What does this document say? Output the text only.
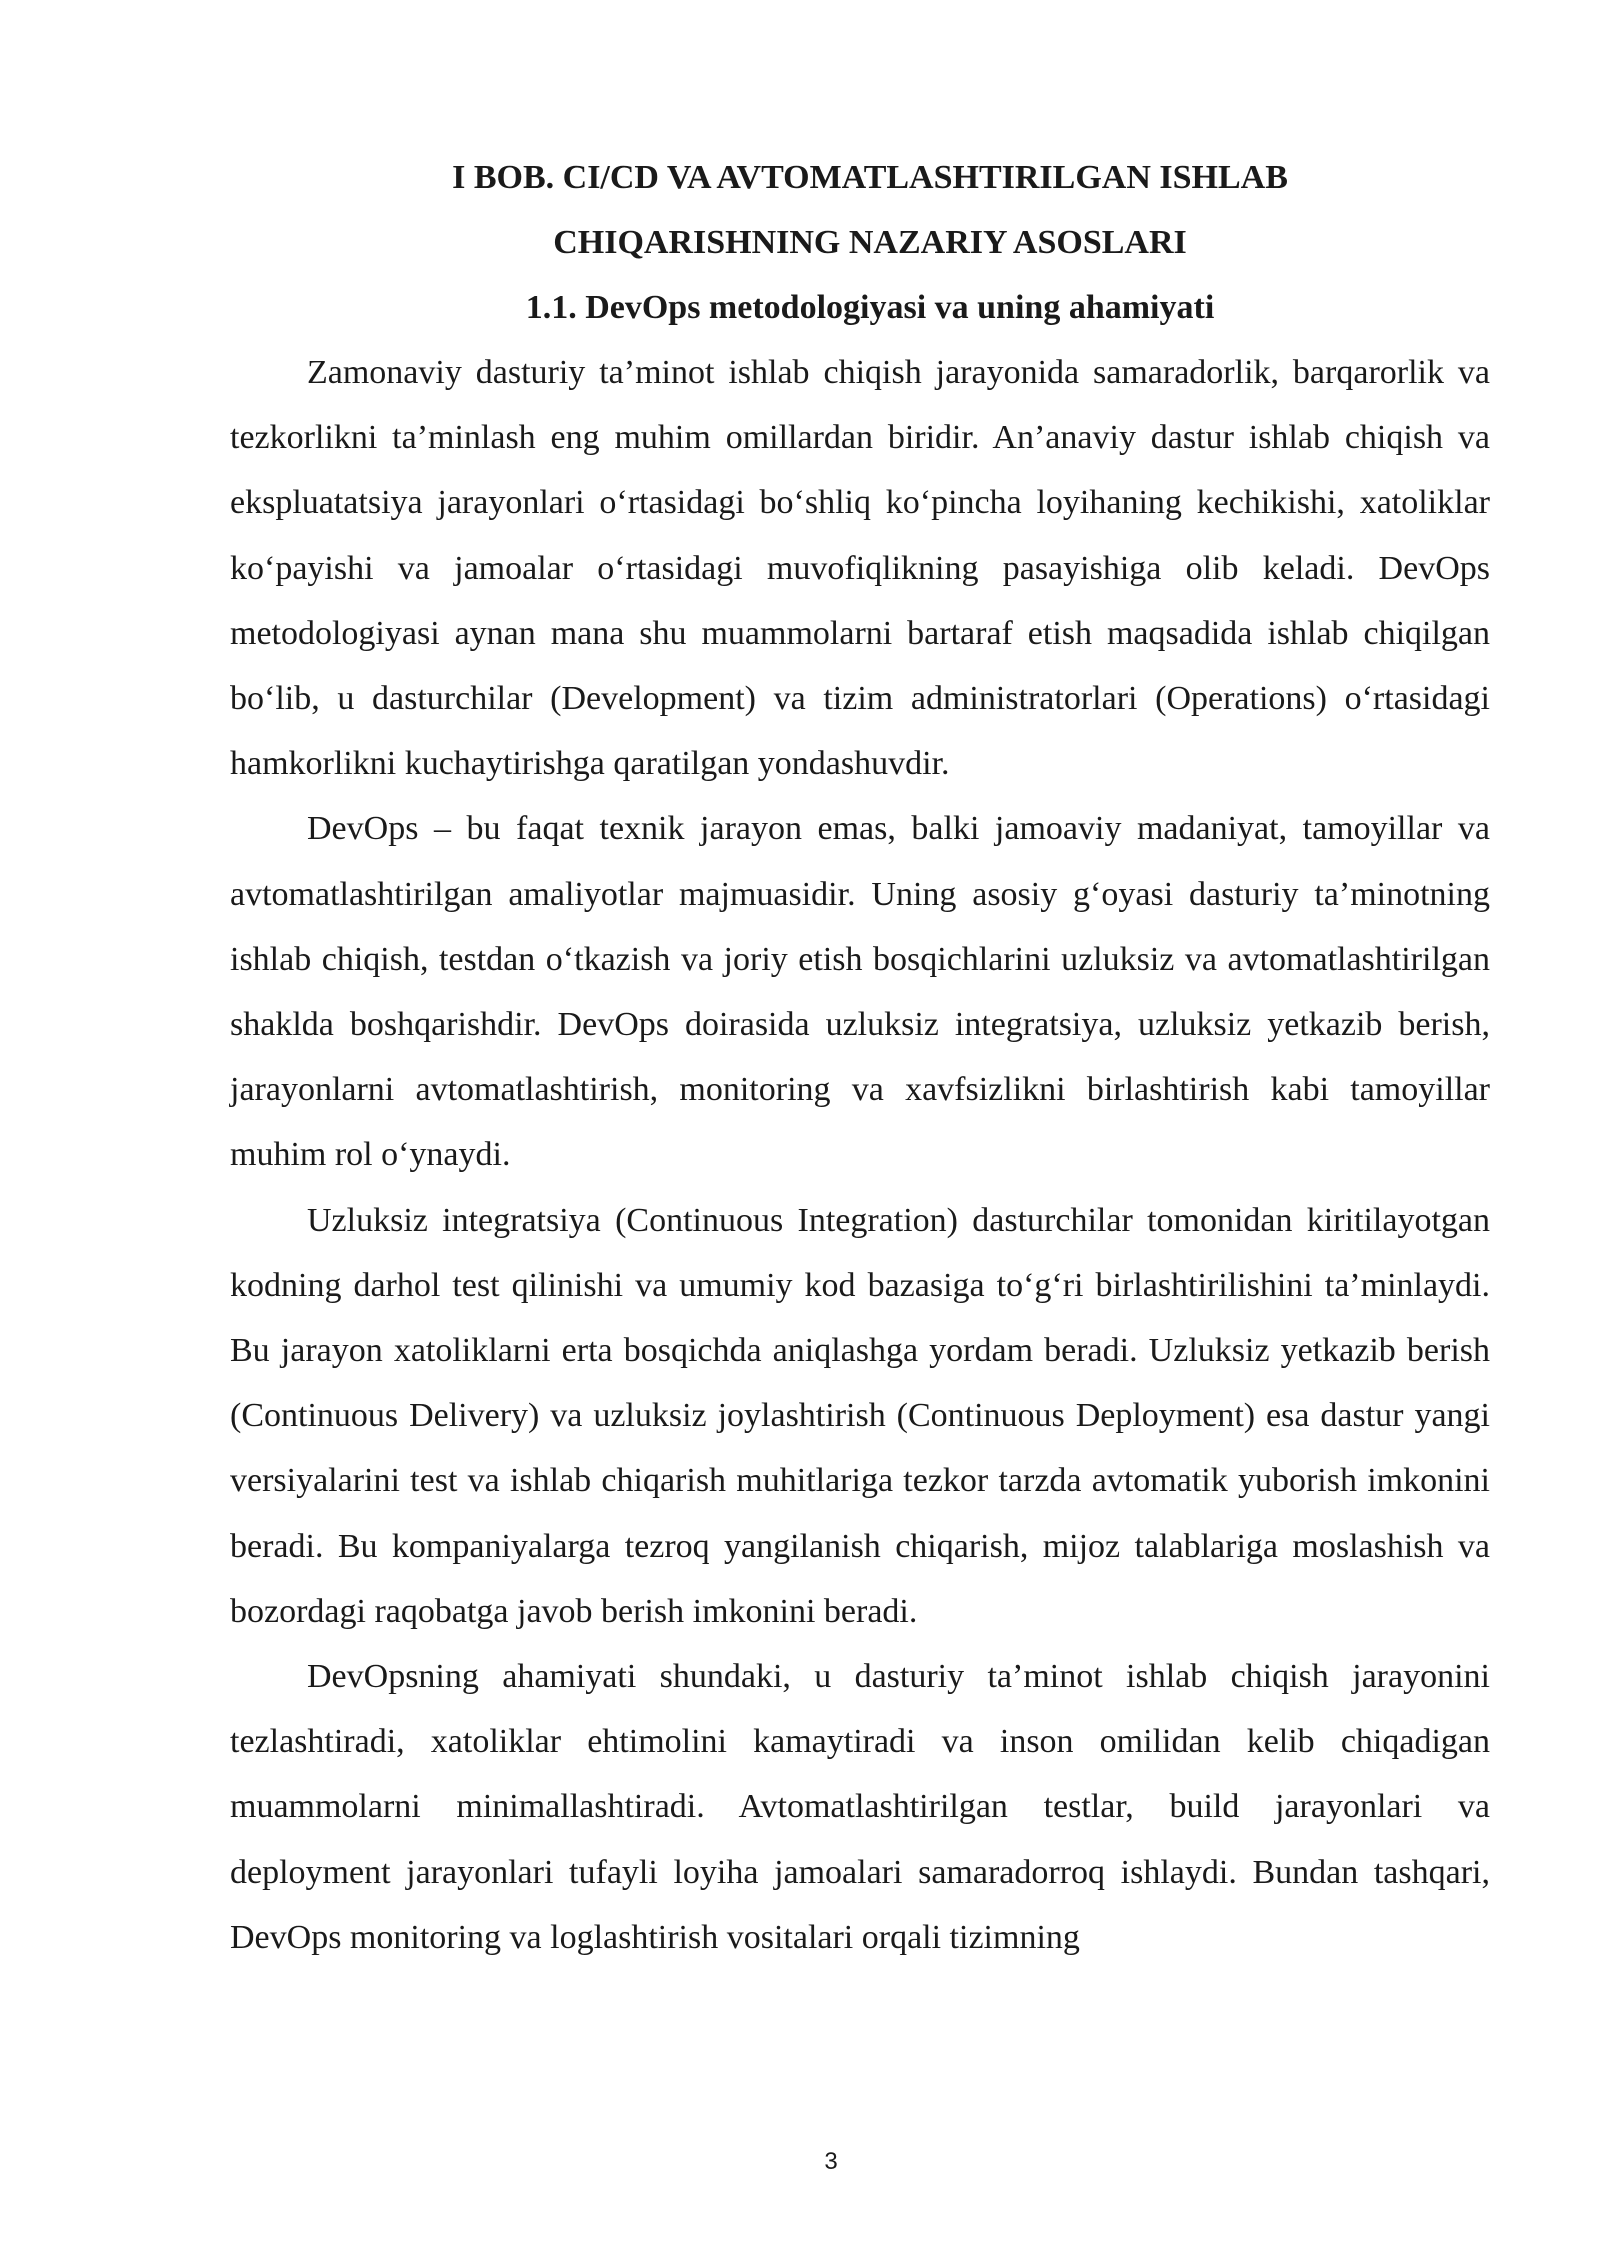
I BOB. CI/CD VA AVTOMATLASHTIRILGAN ISHLAB

CHIQARISHNING NAZARIY ASOSLARI

1.1. DevOps metodologiyasi va uning ahamiyati

Zamonaviy dasturiy ta’minot ishlab chiqish jarayonida samaradorlik, barqarorlik va tezkorlikni ta’minlash eng muhim omillardan biridir. An’anaviy dastur ishlab chiqish va ekspluatatsiya jarayonlari o‘rtasidagi bo‘shliq ko‘pincha loyihaning kechikishi, xatoliklar ko‘payishi va jamoalar o‘rtasidagi muvofiqlikning pasayishiga olib keladi. DevOps metodologiyasi aynan mana shu muammolarni bartaraf etish maqsadida ishlab chiqilgan bo‘lib, u dasturchilar (Development) va tizim administratorlari (Operations) o‘rtasidagi hamkorlikni kuchaytirishga qaratilgan yondashuvdir.

DevOps – bu faqat texnik jarayon emas, balki jamoaviy madaniyat, tamoyillar va avtomatlashtirilgan amaliyotlar majmuasidir. Uning asosiy g‘oyasi dasturiy ta’minotning ishlab chiqish, testdan o‘tkazish va joriy etish bosqichlarini uzluksiz va avtomatlashtirilgan shaklda boshqarishdir. DevOps doirasida uzluksiz integratsiya, uzluksiz yetkazib berish, jarayonlarni avtomatlashtirish, monitoring va xavfsizlikni birlashtirish kabi tamoyillar muhim rol o‘ynaydi.

Uzluksiz integratsiya (Continuous Integration) dasturchilar tomonidan kiritilayotgan kodning darhol test qilinishi va umumiy kod bazasiga to‘g‘ri birlashtirilishini ta’minlaydi. Bu jarayon xatoliklarni erta bosqichda aniqlashga yordam beradi. Uzluksiz yetkazib berish (Continuous Delivery) va uzluksiz joylashtirish (Continuous Deployment) esa dastur yangi versiyalarini test va ishlab chiqarish muhitlariga tezkor tarzda avtomatik yuborish imkonini beradi. Bu kompaniyalarga tezroq yangilanish chiqarish, mijoz talablariga moslashish va bozordagi raqobatga javob berish imkonini beradi.

DevOpsning ahamiyati shundaki, u dasturiy ta’minot ishlab chiqish jarayonini tezlashtiradi, xatoliklar ehtimolini kamaytiradi va inson omilidan kelib chiqadigan muammolarni minimallashtiradi. Avtomatlashtirilgan testlar, build jarayonlari va deployment jarayonlari tufayli loyiha jamoalari samaradorroq ishlaydi. Bundan tashqari, DevOps monitoring va loglashtirish vositalari orqali tizimning

3
